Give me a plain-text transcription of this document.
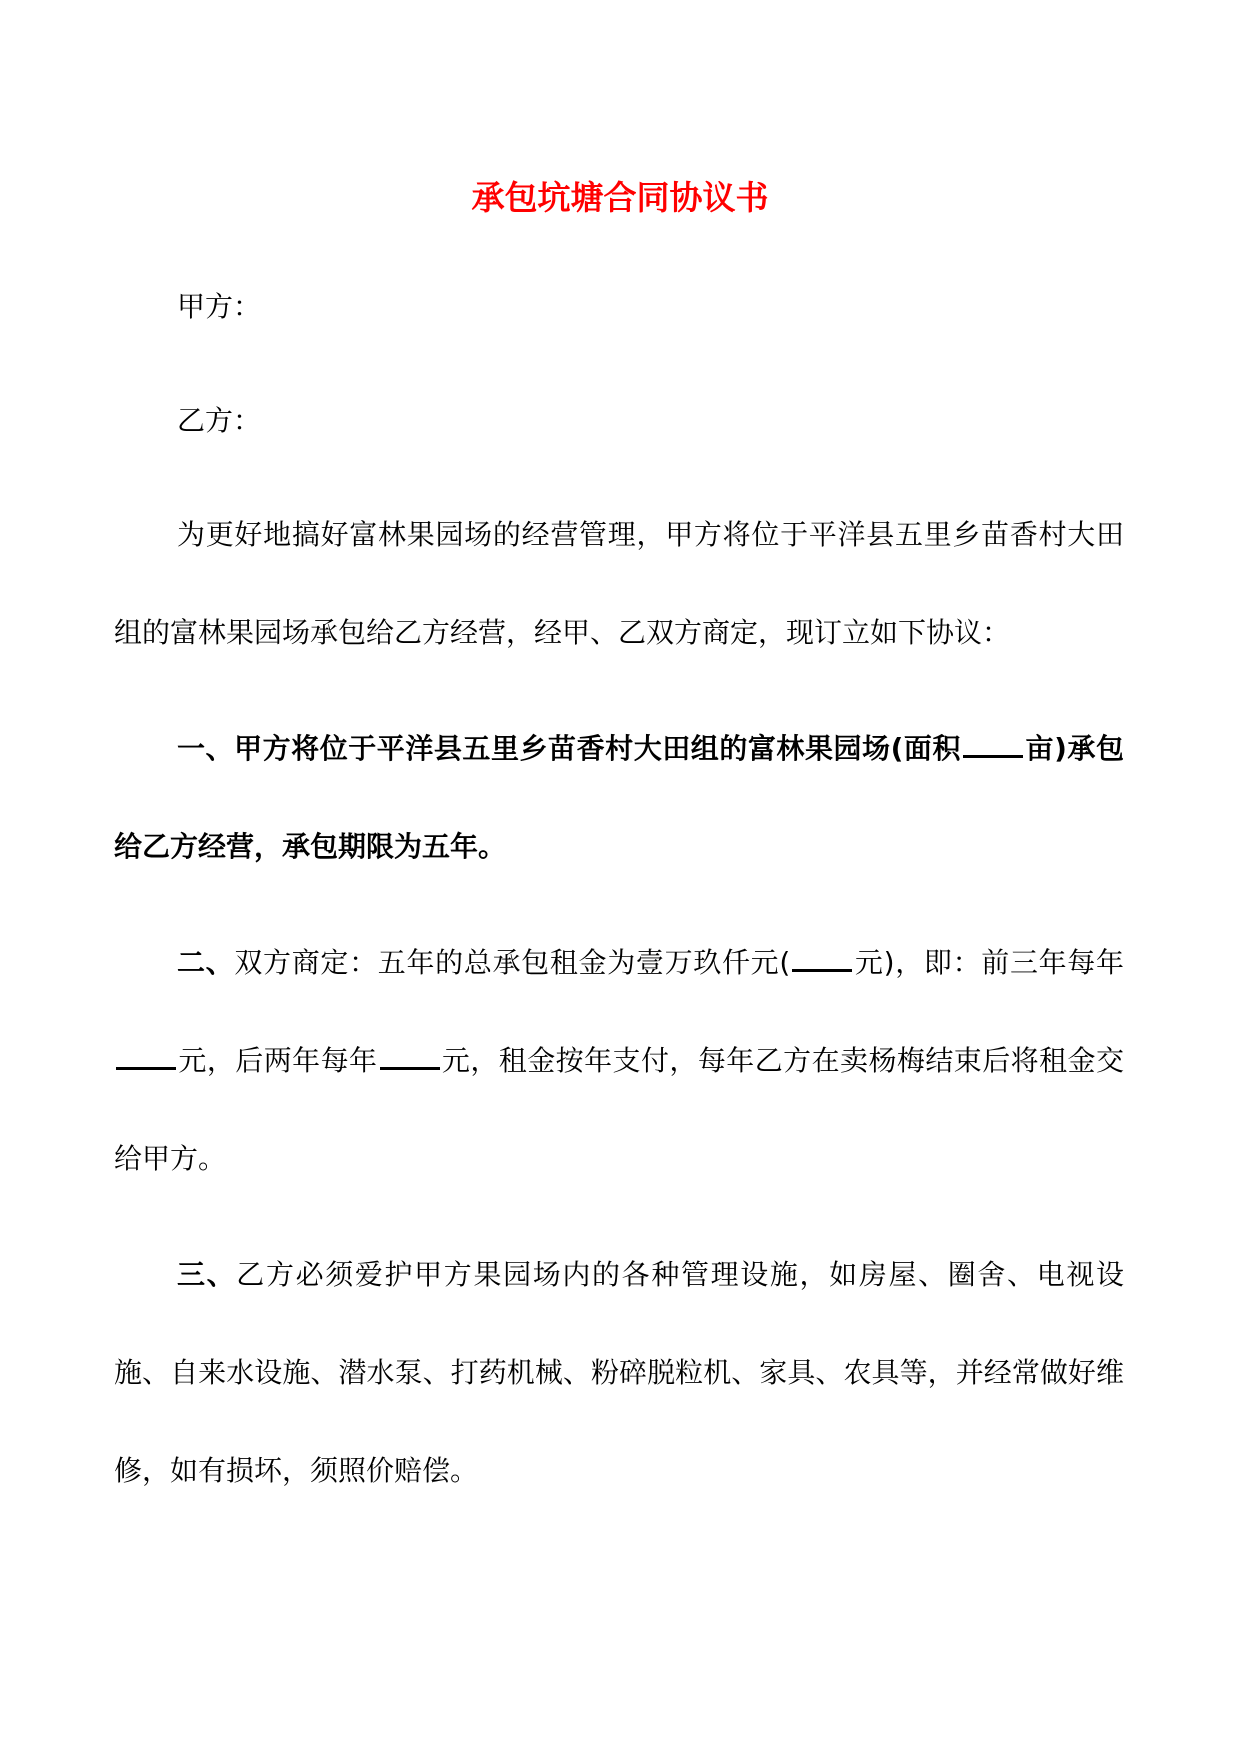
承包坑塘合同协议书

甲方：

乙方：

为更好地搞好富林果园场的经营管理，甲方将位于平洋县五里乡苗香村大田组的富林果园场承包给乙方经营，经甲、乙双方商定，现订立如下协议：

一、甲方将位于平洋县五里乡苗香村大田组的富林果园场(面积 亩)承包给乙方经营，承包期限为五年。

二、双方商定：五年的总承包租金为壹万玖仟元( 元)，即：前三年每年元，后两年每年 元，租金按年支付，每年乙方在卖杨梅结束后将租金交给甲方。

三、乙方必须爱护甲方果园场内的各种管理设施，如房屋、圈舍、电视设施、自来水设施、潜水泵、打药机械、粉碎脱粒机、家具、农具等，并经常做好维修，如有损坏，须照价赔偿。
